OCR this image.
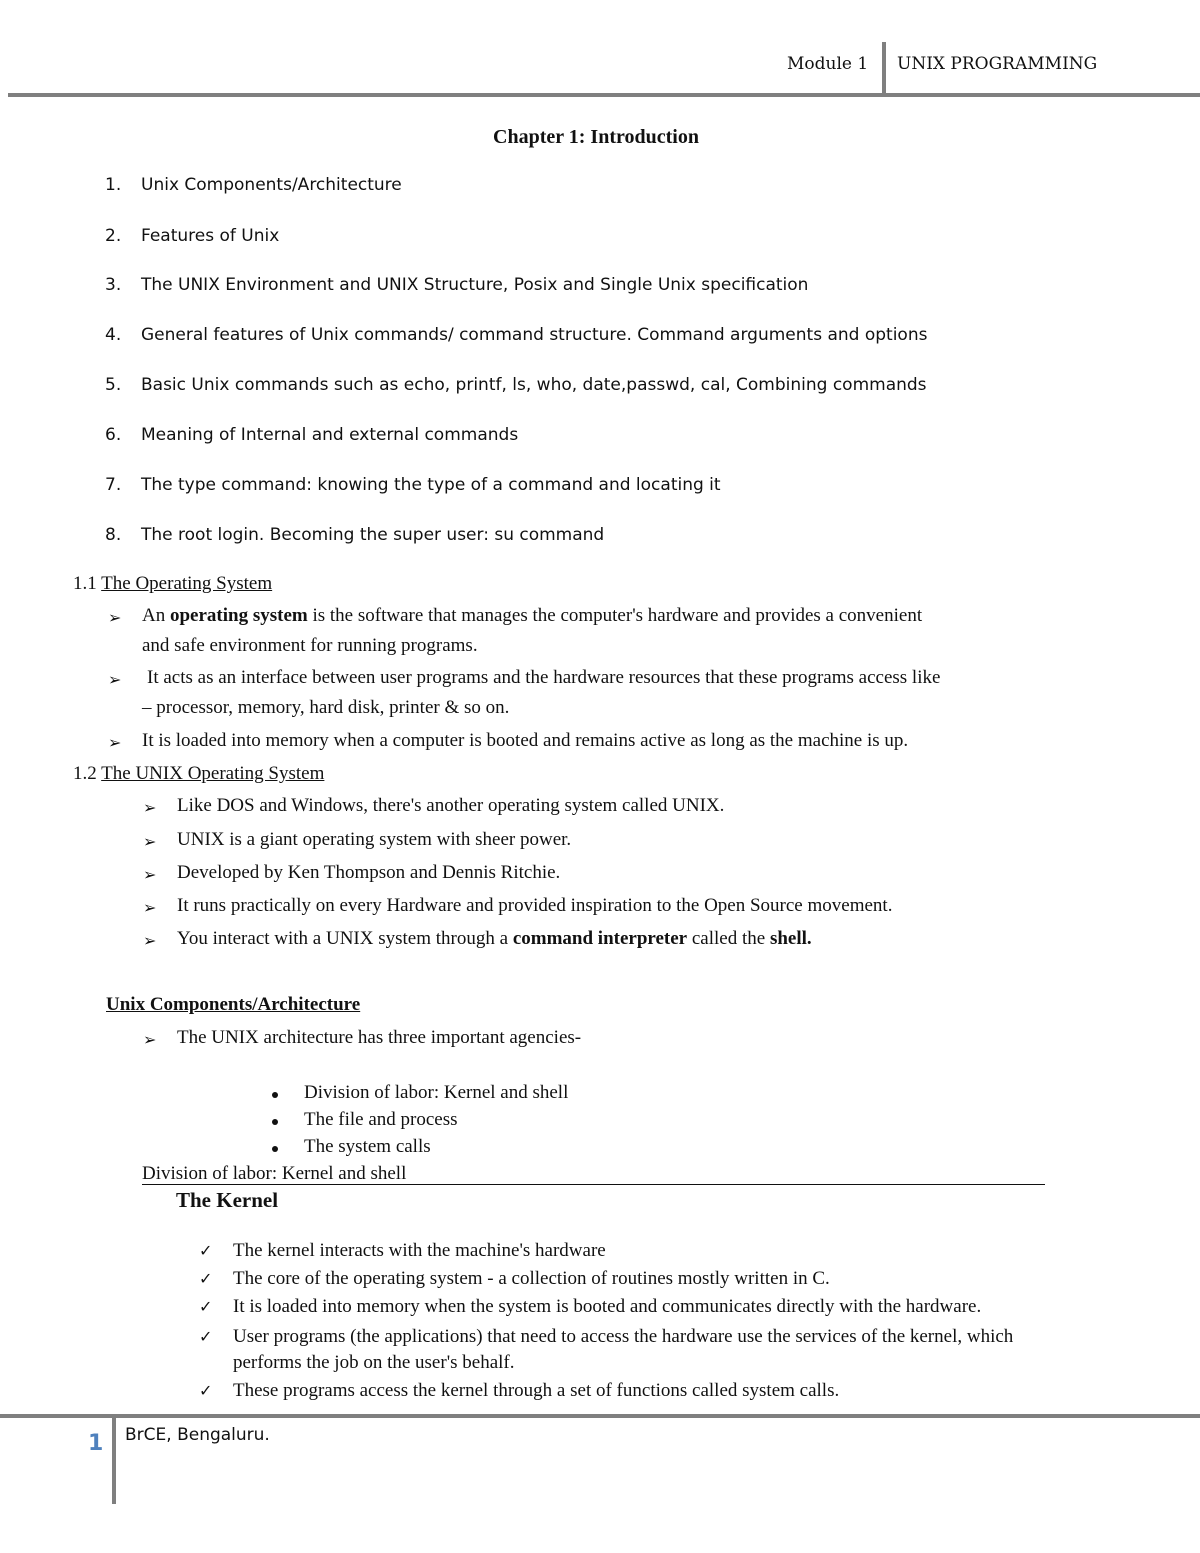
Module 1 UNIX PROGRAMMING
Chapter 1: Introduction
1. Unix Components/Architecture
2. Features of Unix
3. The UNIX Environment and UNIX Structure, Posix and Single Unix specification
4. General features of Unix commands/ command structure. Command arguments and options
5. Basic Unix commands such as echo, printf, ls, who, date,passwd, cal, Combining commands
6. Meaning of Internal and external commands
7. The type command: knowing the type of a command and locating it
8. The root login. Becoming the super user: su command
1.1 The Operating System
➢ An operating system is the software that manages the computer's hardware and provides a convenient
and safe environment for running programs.
➢ It acts as an interface between user programs and the hardware resources that these programs access like
– processor, memory, hard disk, printer & so on.
➢ It is loaded into memory when a computer is booted and remains active as long as the machine is up.
1.2 The UNIX Operating System
➢ Like DOS and Windows, there's another operating system called UNIX.
➢ UNIX is a giant operating system with sheer power.
➢ Developed by Ken Thompson and Dennis Ritchie.
➢ It runs practically on every Hardware and provided inspiration to the Open Source movement.
➢ You interact with a UNIX system through a command interpreter called the shell.
Unix Components/Architecture
➢ The UNIX architecture has three important agencies-
Division of labor: Kernel and shell
The file and process
The system calls
Division of labor: Kernel and shell
The Kernel
✓ The kernel interacts with the machine's hardware
✓ The core of the operating system - a collection of routines mostly written in C.
✓ It is loaded into memory when the system is booted and communicates directly with the hardware.
✓ User programs (the applications) that need to access the hardware use the services of the kernel, which
performs the job on the user's behalf.
✓ These programs access the kernel through a set of functions called system calls.
1 BrCE, Bengaluru.
